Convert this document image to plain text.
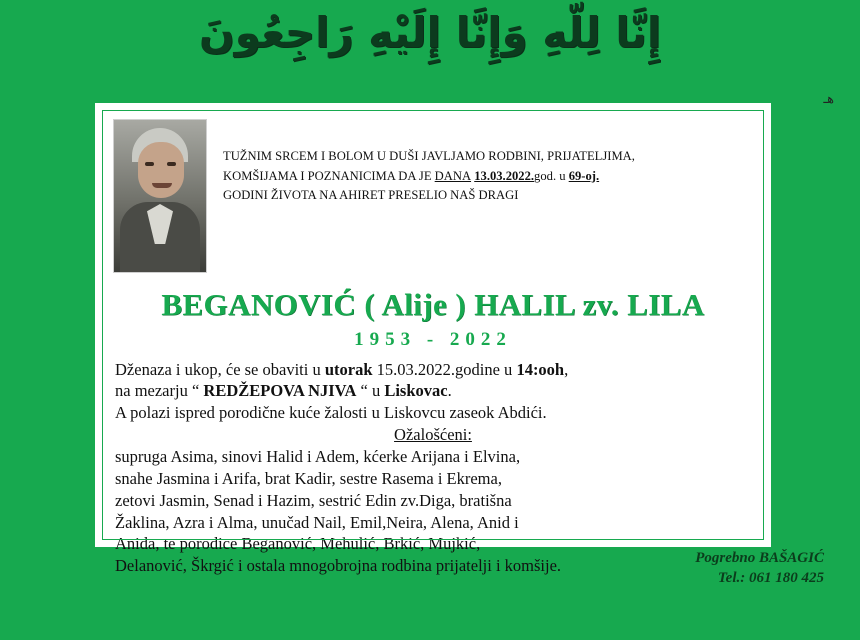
إِنَّا لِلّهِ وَإِنَّا إِلَيْهِ رَاجِعُونَ
TUŽNIM SRCEM I BOLOM U DUŠI JAVLJAMO RODBINI, PRIJATELJIMA,
KOMŠIJAMA I POZNANICIMA DA JE DANA 13.03.2022.god. u 69-oj.
GODINI ŽIVOTA NA AHIRET PRESELIO NAŠ DRAGI
BEGANOVIĆ ( Alije ) HALIL zv. LILA
1953 - 2022
Dženaza i ukop, će se obaviti u utorak 15.03.2022.godine u 14:ooh,
na mezarju “ REDŽEPOVA NJIVA “ u Liskovac.
A polazi ispred porodične kuće žalosti u Liskovcu zaseok Abdići.
Ožalošćeni:
supruga Asima, sinovi Halid i Adem, kćerke Arijana i Elvina,
snahe Jasmina i Arifa, brat Kadir, sestre Rasema i Ekrema,
zetovi Jasmin, Senad i Hazim, sestrić Edin zv.Diga, bratišna
Žaklina, Azra i Alma, unučad Nail, Emil,Neira, Alena, Anid i
Anida, te porodice Beganović, Mehulić, Brkić, Mujkić,
Delanović, Škrgić i ostala mnogobrojna rodbina prijatelji i komšije.
هـ
Pogrebno BAŠAGIĆ
Tel.: 061 180 425
